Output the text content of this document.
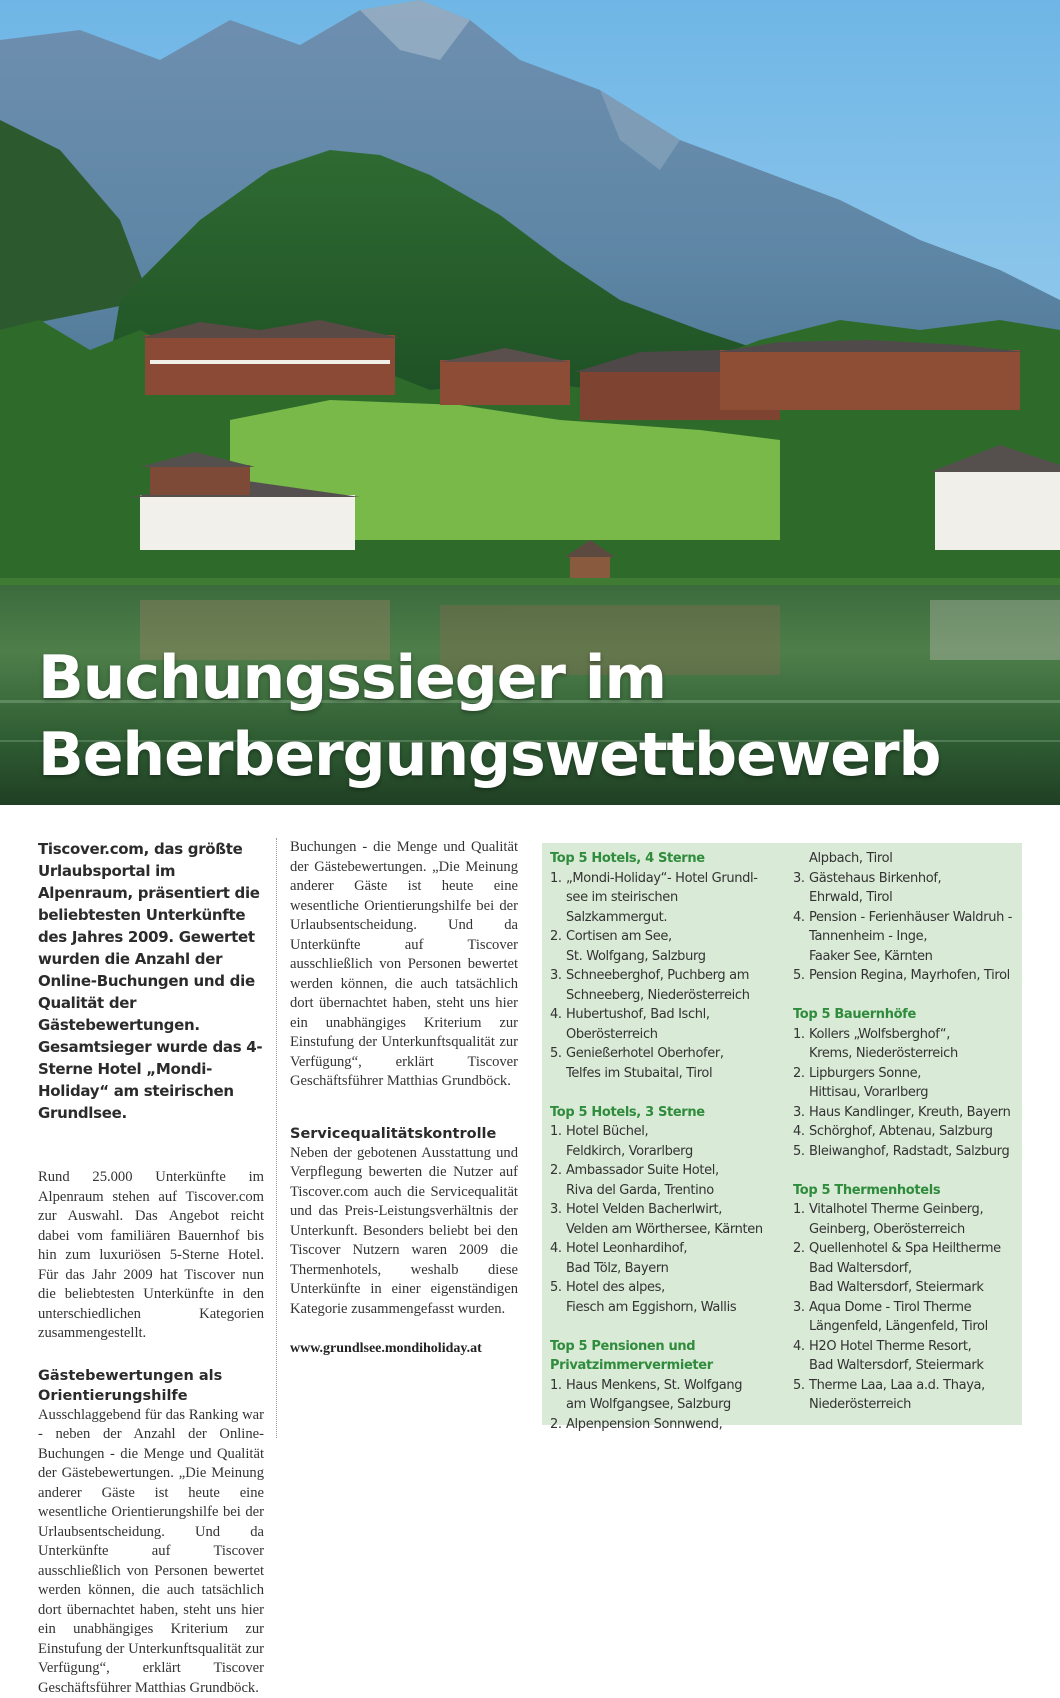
Buchungssieger im
Beherbergungswettbewerb

Tiscover.com, das größte Urlaubsportal im Alpenraum, präsentiert die beliebtesten Unterkünfte des Jahres 2009. Gewertet wurden die Anzahl der Online-Buchungen und die Qualität der Gästebewertungen. Gesamtsieger wurde das 4-Sterne Hotel „Mondi-Holiday“ am steirischen Grundlsee.

Rund 25.000 Unterkünfte im Alpenraum stehen auf Tiscover.com zur Auswahl. Das Angebot reicht dabei vom familiären Bauernhof bis hin zum luxuriösen 5-Sterne Hotel. Für das Jahr 2009 hat Tiscover nun die beliebtesten Unterkünfte in den unterschiedlichen Kategorien zusammengestellt.

Gästebewertungen als Orientierungshilfe

Ausschlaggebend für das Ranking war - neben der Anzahl der Online-Buchungen - die Menge und Qualität der Gästebewertungen. „Die Meinung anderer Gäste ist heute eine wesentliche Orientierungshilfe bei der Urlaubsentscheidung. Und da Unterkünfte auf Tiscover ausschließlich von Personen bewertet werden können, die auch tatsächlich dort übernachtet haben, steht uns hier ein unabhängiges Kriterium zur Einstufung der Unterkunftsqualität zur Verfügung“, erklärt Tiscover Geschäftsführer Matthias Grundböck.

Buchungen - die Menge und Qualität der Gästebewertungen. „Die Meinung anderer Gäste ist heute eine wesentliche Orientierungshilfe bei der Urlaubsentscheidung. Und da Unterkünfte auf Tiscover ausschließlich von Personen bewertet werden können, die auch tatsächlich dort übernachtet haben, steht uns hier ein unabhängiges Kriterium zur Einstufung der Unterkunftsqualität zur Verfügung“, erklärt Tiscover Geschäftsführer Matthias Grundböck.

Servicequalitätskontrolle

Neben der gebotenen Ausstattung und Verpflegung bewerten die Nutzer auf Tiscover.com auch die Servicequalität und das Preis-Leistungsverhältnis der Unterkunft. Besonders beliebt bei den Tiscover Nutzern waren 2009 die Thermenhotels, weshalb diese Unterkünfte in einer eigenständigen Kategorie zusammengefasst wurden.

www.grundlsee.mondiholiday.at

Top 5 Hotels, 4 Sterne
1. „Mondi-Holiday“- Hotel Grundl-
see im steirischen Salzkammergut.
2. Cortisen am See,
St. Wolfgang, Salzburg
3. Schneeberghof, Puchberg am
Schneeberg, Niederösterreich
4. Hubertushof, Bad Ischl,
Oberösterreich
5. Genießerhotel Oberhofer,
Telfes im Stubaital, Tirol
Top 5 Hotels, 3 Sterne
1. Hotel Büchel,
Feldkirch, Vorarlberg
2. Ambassador Suite Hotel,
Riva del Garda, Trentino
3. Hotel Velden Bacherlwirt,
Velden am Wörthersee, Kärnten
4. Hotel Leonhardihof,
Bad Tölz, Bayern
5. Hotel des alpes,
Fiesch am Eggishorn, Wallis
Top 5 Pensionen und
Privatzimmervermieter
1. Haus Menkens, St. Wolfgang
am Wolfgangsee, Salzburg
2. Alpenpension Sonnwend,
Alpbach, Tirol
3. Gästehaus Birkenhof,
Ehrwald, Tirol
4. Pension - Ferienhäuser Waldruh -
Tannenheim - Inge,
Faaker See, Kärnten
5. Pension Regina, Mayrhofen, Tirol
Top 5 Bauernhöfe
1. Kollers „Wolfsberghof“,
Krems, Niederösterreich
2. Lipburgers Sonne,
Hittisau, Vorarlberg
3. Haus Kandlinger, Kreuth, Bayern
4. Schörghof, Abtenau, Salzburg
5. Bleiwanghof, Radstadt, Salzburg
Top 5 Thermenhotels
1. Vitalhotel Therme Geinberg,
Geinberg, Oberösterreich
2. Quellenhotel & Spa Heiltherme
Bad Waltersdorf,
Bad Waltersdorf, Steiermark
3. Aqua Dome - Tirol Therme
Längenfeld, Längenfeld, Tirol
4. H2O Hotel Therme Resort,
Bad Waltersdorf, Steiermark
5. Therme Laa, Laa a.d. Thaya,
Niederösterreich
